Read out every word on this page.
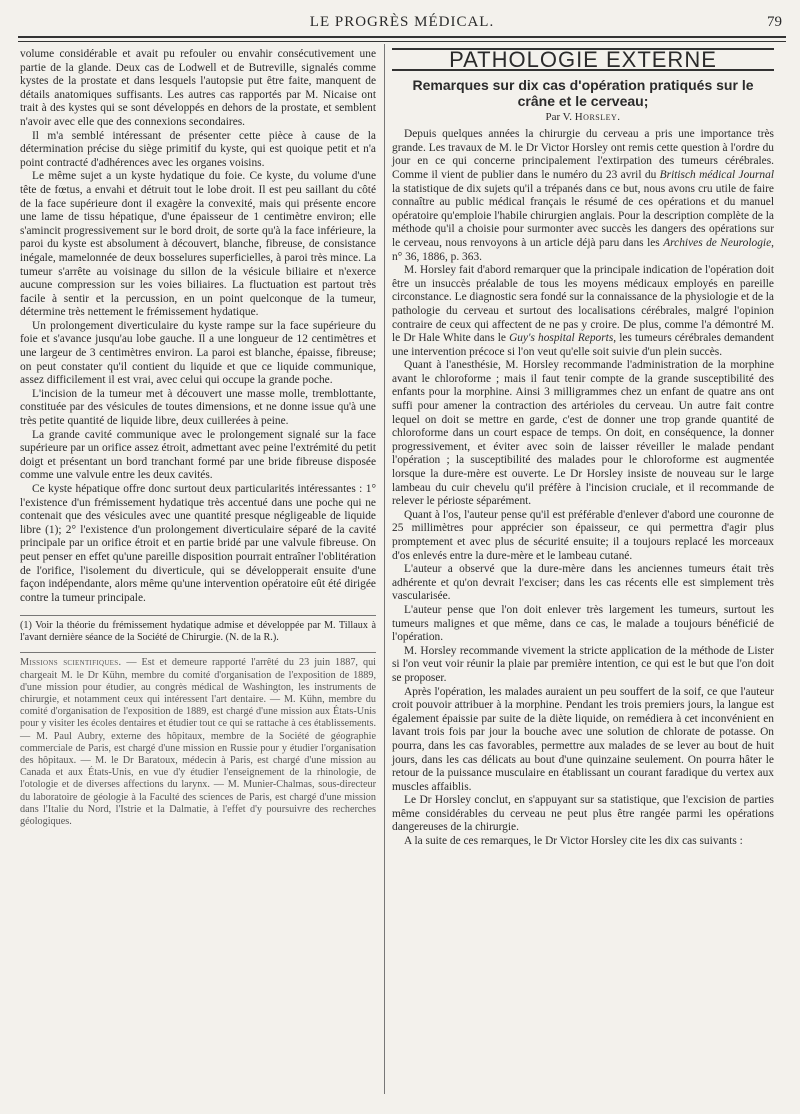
LE PROGRÈS MÉDICAL.	79

volume considérable et avait pu refouler ou envahir consécutivement une partie de la glande. Deux cas de Lodwell et de Butreville, signalés comme kystes de la prostate et dans lesquels l'autopsie put être faite, manquent de détails anatomiques suffisants. Les autres cas rapportés par M. Nicaise ont trait à des kystes qui se sont développés en dehors de la prostate, et semblent n'avoir avec elle que des connexions secondaires.

Il m'a semblé intéressant de présenter cette pièce à cause de la détermination précise du siège primitif du kyste, qui est quoique petit et n'a point contracté d'adhérences avec les organes voisins.

Le même sujet a un kyste hydatique du foie. Ce kyste, du volume d'une tête de fœtus, a envahi et détruit tout le lobe droit. Il est peu saillant du côté de la face supérieure dont il exagère la convexité, mais qui présente encore une lame de tissu hépatique, d'une épaisseur de 1 centimètre environ; elle s'amincit progressivement sur le bord droit, de sorte qu'à la face inférieure, la paroi du kyste est absolument à découvert, blanche, fibreuse, de consistance inégale, mamelonnée de deux bosselures superficielles, à paroi très mince. La tumeur s'arrête au voisinage du sillon de la vésicule biliaire et n'exerce aucune compression sur les voies biliaires. La fluctuation est partout très facile à sentir et la percussion, en un point quelconque de la tumeur, détermine très nettement le frémissement hydatique.

Un prolongement diverticulaire du kyste rampe sur la face supérieure du foie et s'avance jusqu'au lobe gauche. Il a une longueur de 12 centimètres et une largeur de 3 centimètres environ. La paroi est blanche, épaisse, fibreuse; on peut constater qu'il contient du liquide et que ce liquide communique, assez difficilement il est vrai, avec celui qui occupe la grande poche.

L'incision de la tumeur met à découvert une masse molle, tremblottante, constituée par des vésicules de toutes dimensions, et ne donne issue qu'à une très petite quantité de liquide libre, deux cuillerées à peine.

La grande cavité communique avec le prolongement signalé sur la face supérieure par un orifice assez étroit, admettant avec peine l'extrémité du petit doigt et présentant un bord tranchant formé par une bride fibreuse disposée comme une valvule entre les deux cavités.

Ce kyste hépatique offre donc surtout deux particularités intéressantes : 1° l'existence d'un frémissement hydatique très accentué dans une poche qui ne contenait que des vésicules avec une quantité presque négligeable de liquide libre (1); 2° l'existence d'un prolongement diverticulaire séparé de la cavité principale par un orifice étroit et en partie bridé par une valvule fibreuse. On peut penser en effet qu'une pareille disposition pourrait entraîner l'oblitération de l'orifice, l'isolement du diverticule, qui se développerait ensuite d'une façon indépendante, alors même qu'une intervention opératoire eût été dirigée contre la tumeur principale.

(1) Voir la théorie du frémissement hydatique admise et développée par M. Tillaux à l'avant dernière séance de la Société de Chirurgie. (N. de la R.).
Missions scientifiques. — Est et demeure rapporté l'arrêté du 23 juin 1887, qui chargeait M. le Dr Kühn, membre du comité d'organisation de l'exposition de 1889, d'une mission pour étudier, au congrès médical de Washington, les instruments de chirurgie, et notamment ceux qui intéressent l'art dentaire. — M. Kühn, membre du comité d'organisation de l'exposition de 1889, est chargé d'une mission aux États-Unis pour y visiter les écoles dentaires et étudier tout ce qui se rattache à ces établissements. — M. Paul Aubry, externe des hôpitaux, membre de la Société de géographie commerciale de Paris, est chargé d'une mission en Russie pour y étudier l'organisation des hôpitaux. — M. le Dr Baratoux, médecin à Paris, est chargé d'une mission au Canada et aux États-Unis, en vue d'y étudier l'enseignement de la rhinologie, de l'otologie et de diverses affections du larynx. — M. Munier-Chalmas, sous-directeur du laboratoire de géologie à la Faculté des sciences de Paris, est chargé d'une mission dans l'Italie du Nord, l'Istrie et la Dalmatie, à l'effet d'y poursuivre des recherches géologiques.
PATHOLOGIE EXTERNE
Remarques sur dix cas d'opération pratiqués sur le crâne et le cerveau;
Par V. Horsley.

Depuis quelques années la chirurgie du cerveau a pris une importance très grande. Les travaux de M. le Dr Victor Horsley ont remis cette question à l'ordre du jour en ce qui concerne principalement l'extirpation des tumeurs cérébrales. Comme il vient de publier dans le numéro du 23 avril du Britisch médical Journal la statistique de dix sujets qu'il a trépanés dans ce but, nous avons cru utile de faire connaître au public médical français le résumé de ces opérations et du manuel opératoire qu'emploie l'habile chirurgien anglais. Pour la description complète de la méthode qu'il a choisie pour surmonter avec succès les dangers des opérations sur le cerveau, nous renvoyons à un article déjà paru dans les Archives de Neurologie, n° 36, 1886, p. 363.

M. Horsley fait d'abord remarquer que la principale indication de l'opération doit être un insuccès préalable de tous les moyens médicaux employés en pareille circonstance. Le diagnostic sera fondé sur la connaissance de la physiologie et de la pathologie du cerveau et surtout des localisations cérébrales, malgré l'opinion contraire de ceux qui affectent de ne pas y croire. De plus, comme l'a démontré M. le Dr Hale White dans le Guy's hospital Reports, les tumeurs cérébrales demandent une intervention précoce si l'on veut qu'elle soit suivie d'un plein succès.

Quant à l'anesthésie, M. Horsley recommande l'administration de la morphine avant le chloroforme ; mais il faut tenir compte de la grande susceptibilité des enfants pour la morphine. Ainsi 3 milligrammes chez un enfant de quatre ans ont suffi pour amener la contraction des artérioles du cerveau. Un autre fait contre lequel on doit se mettre en garde, c'est de donner une trop grande quantité de chloroforme dans un court espace de temps. On doit, en conséquence, la donner progressivement, et éviter avec soin de laisser réveiller le malade pendant l'opération ; la susceptibilité des malades pour le chloroforme est augmentée lorsque la dure-mère est ouverte. Le Dr Horsley insiste de nouveau sur le large lambeau du cuir chevelu qu'il préfère à l'incision cruciale, et il recommande de relever le périoste séparément.

Quant à l'os, l'auteur pense qu'il est préférable d'enlever d'abord une couronne de 25 millimètres pour apprécier son épaisseur, ce qui permettra d'agir plus promptement et avec plus de sécurité ensuite; il a toujours replacé les morceaux d'os enlevés entre la dure-mère et le lambeau cutané.

L'auteur a observé que la dure-mère dans les anciennes tumeurs était très adhérente et qu'on devrait l'exciser; dans les cas récents elle est simplement très vascularisée.

L'auteur pense que l'on doit enlever très largement les tumeurs, surtout les tumeurs malignes et que même, dans ce cas, le malade a toujours bénéficié de l'opération.

M. Horsley recommande vivement la stricte application de la méthode de Lister si l'on veut voir réunir la plaie par première intention, ce qui est le but que l'on doit se proposer.

Après l'opération, les malades auraient un peu souffert de la soif, ce que l'auteur croit pouvoir attribuer à la morphine. Pendant les trois premiers jours, la langue est également épaissie par suite de la diète liquide, on remédiera à cet inconvénient en lavant trois fois par jour la bouche avec une solution de chlorate de potasse. On pourra, dans les cas favorables, permettre aux malades de se lever au bout de huit jours, dans les cas délicats au bout d'une quinzaine seulement. On pourra hâter le retour de la puissance musculaire en établissant un courant faradique du vertex aux muscles affaiblis.

Le Dr Horsley conclut, en s'appuyant sur sa statistique, que l'excision de parties même considérables du cerveau ne peut plus être rangée parmi les opérations dangereuses de la chirurgie.

A la suite de ces remarques, le Dr Victor Horsley cite les dix cas suivants :
